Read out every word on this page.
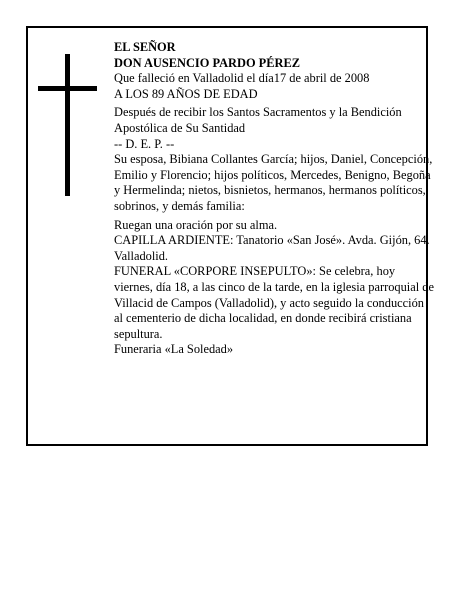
EL SEÑOR

DON AUSENCIO PARDO PÉREZ

Que falleció en Valladolid el día17 de abril de 2008

A LOS 89 AÑOS DE EDAD

Después de recibir los Santos Sacramentos y la Bendición Apostólica de Su Santidad

-- D. E. P. --

Su esposa, Bibiana Collantes García; hijos, Daniel, Concepción, Emilio y Florencio; hijos políticos, Mercedes, Benigno, Begoña y Hermelinda; nietos, bisnietos, hermanos, hermanos políticos, sobrinos, y demás familia:

Ruegan una oración por su alma.

CAPILLA ARDIENTE: Tanatorio «San José». Avda. Gijón, 64. Valladolid.

FUNERAL «CORPORE INSEPULTO»: Se celebra, hoy viernes, día 18, a las cinco de la tarde, en la iglesia parroquial de Villacid de Campos (Valladolid), y acto seguido la conducción al cementerio de dicha localidad, en donde recibirá cristiana sepultura.

Funeraria «La Soledad»
